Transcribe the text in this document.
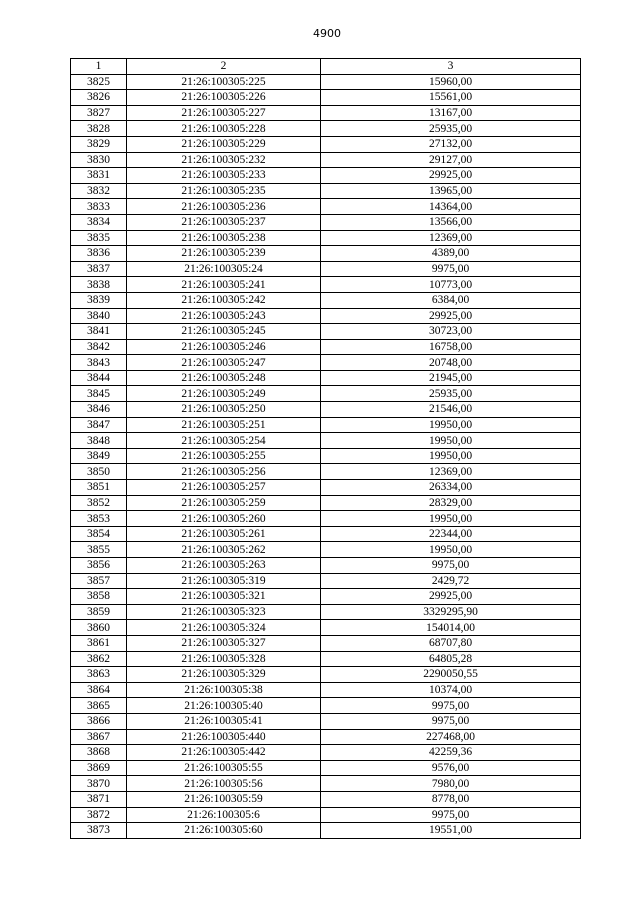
4900
1	2	3
3825	21:26:100305:225	15960,00
3826	21:26:100305:226	15561,00
3827	21:26:100305:227	13167,00
3828	21:26:100305:228	25935,00
3829	21:26:100305:229	27132,00
3830	21:26:100305:232	29127,00
3831	21:26:100305:233	29925,00
3832	21:26:100305:235	13965,00
3833	21:26:100305:236	14364,00
3834	21:26:100305:237	13566,00
3835	21:26:100305:238	12369,00
3836	21:26:100305:239	4389,00
3837	21:26:100305:24	9975,00
3838	21:26:100305:241	10773,00
3839	21:26:100305:242	6384,00
3840	21:26:100305:243	29925,00
3841	21:26:100305:245	30723,00
3842	21:26:100305:246	16758,00
3843	21:26:100305:247	20748,00
3844	21:26:100305:248	21945,00
3845	21:26:100305:249	25935,00
3846	21:26:100305:250	21546,00
3847	21:26:100305:251	19950,00
3848	21:26:100305:254	19950,00
3849	21:26:100305:255	19950,00
3850	21:26:100305:256	12369,00
3851	21:26:100305:257	26334,00
3852	21:26:100305:259	28329,00
3853	21:26:100305:260	19950,00
3854	21:26:100305:261	22344,00
3855	21:26:100305:262	19950,00
3856	21:26:100305:263	9975,00
3857	21:26:100305:319	2429,72
3858	21:26:100305:321	29925,00
3859	21:26:100305:323	3329295,90
3860	21:26:100305:324	154014,00
3861	21:26:100305:327	68707,80
3862	21:26:100305:328	64805,28
3863	21:26:100305:329	2290050,55
3864	21:26:100305:38	10374,00
3865	21:26:100305:40	9975,00
3866	21:26:100305:41	9975,00
3867	21:26:100305:440	227468,00
3868	21:26:100305:442	42259,36
3869	21:26:100305:55	9576,00
3870	21:26:100305:56	7980,00
3871	21:26:100305:59	8778,00
3872	21:26:100305:6	9975,00
3873	21:26:100305:60	19551,00
